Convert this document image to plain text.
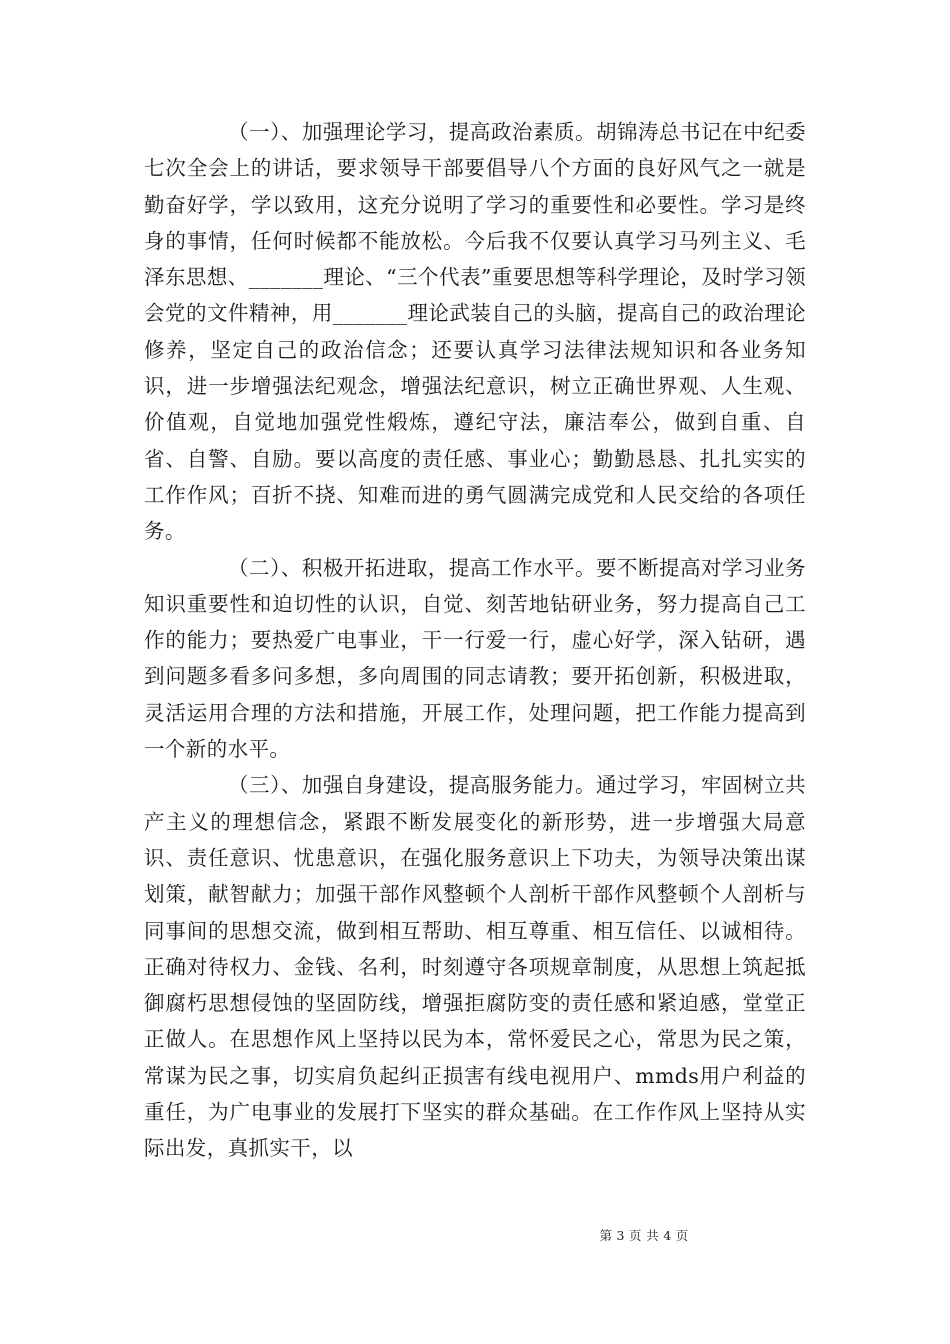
（一）、加强理论学习，提高政治素质。胡锦涛总书记在中纪委七次全会上的讲话，要求领导干部要倡导八个方面的良好风气之一就是勤奋好学，学以致用，这充分说明了学习的重要性和必要性。学习是终身的事情，任何时候都不能放松。今后我不仅要认真学习马列主义、毛泽东思想、_______理论、“三个代表”重要思想等科学理论，及时学习领会党的文件精神，用_______理论武装自己的头脑，提高自己的政治理论修养，坚定自己的政治信念；还要认真学习法律法规知识和各业务知识，进一步增强法纪观念，增强法纪意识，树立正确世界观、人生观、价值观，自觉地加强党性煅炼，遵纪守法，廉洁奉公，做到自重、自省、自警、自励。要以高度的责任感、事业心；勤勤恳恳、扎扎实实的工作作风；百折不挠、知难而进的勇气圆满完成党和人民交给的各项任务。

（二）、积极开拓进取，提高工作水平。要不断提高对学习业务知识重要性和迫切性的认识，自觉、刻苦地钻研业务，努力提高自己工作的能力；要热爱广电事业，干一行爱一行，虚心好学，深入钻研，遇到问题多看多问多想，多向周围的同志请教；要开拓创新，积极进取，灵活运用合理的方法和措施，开展工作，处理问题，把工作能力提高到一个新的水平。

（三）、加强自身建设，提高服务能力。通过学习，牢固树立共产主义的理想信念，紧跟不断发展变化的新形势，进一步增强大局意识、责任意识、忧患意识，在强化服务意识上下功夫，为领导决策出谋划策，献智献力；加强干部作风整顿个人剖析干部作风整顿个人剖析与同事间的思想交流，做到相互帮助、相互尊重、相互信任、以诚相待。正确对待权力、金钱、名利，时刻遵守各项规章制度，从思想上筑起抵御腐朽思想侵蚀的坚固防线，增强拒腐防变的责任感和紧迫感，堂堂正正做人。在思想作风上坚持以民为本，常怀爱民之心，常思为民之策，常谋为民之事，切实肩负起纠正损害有线电视用户、mmds用户利益的重任，为广电事业的发展打下坚实的群众基础。在工作作风上坚持从实际出发，真抓实干，以

第 3 页 共 4 页
